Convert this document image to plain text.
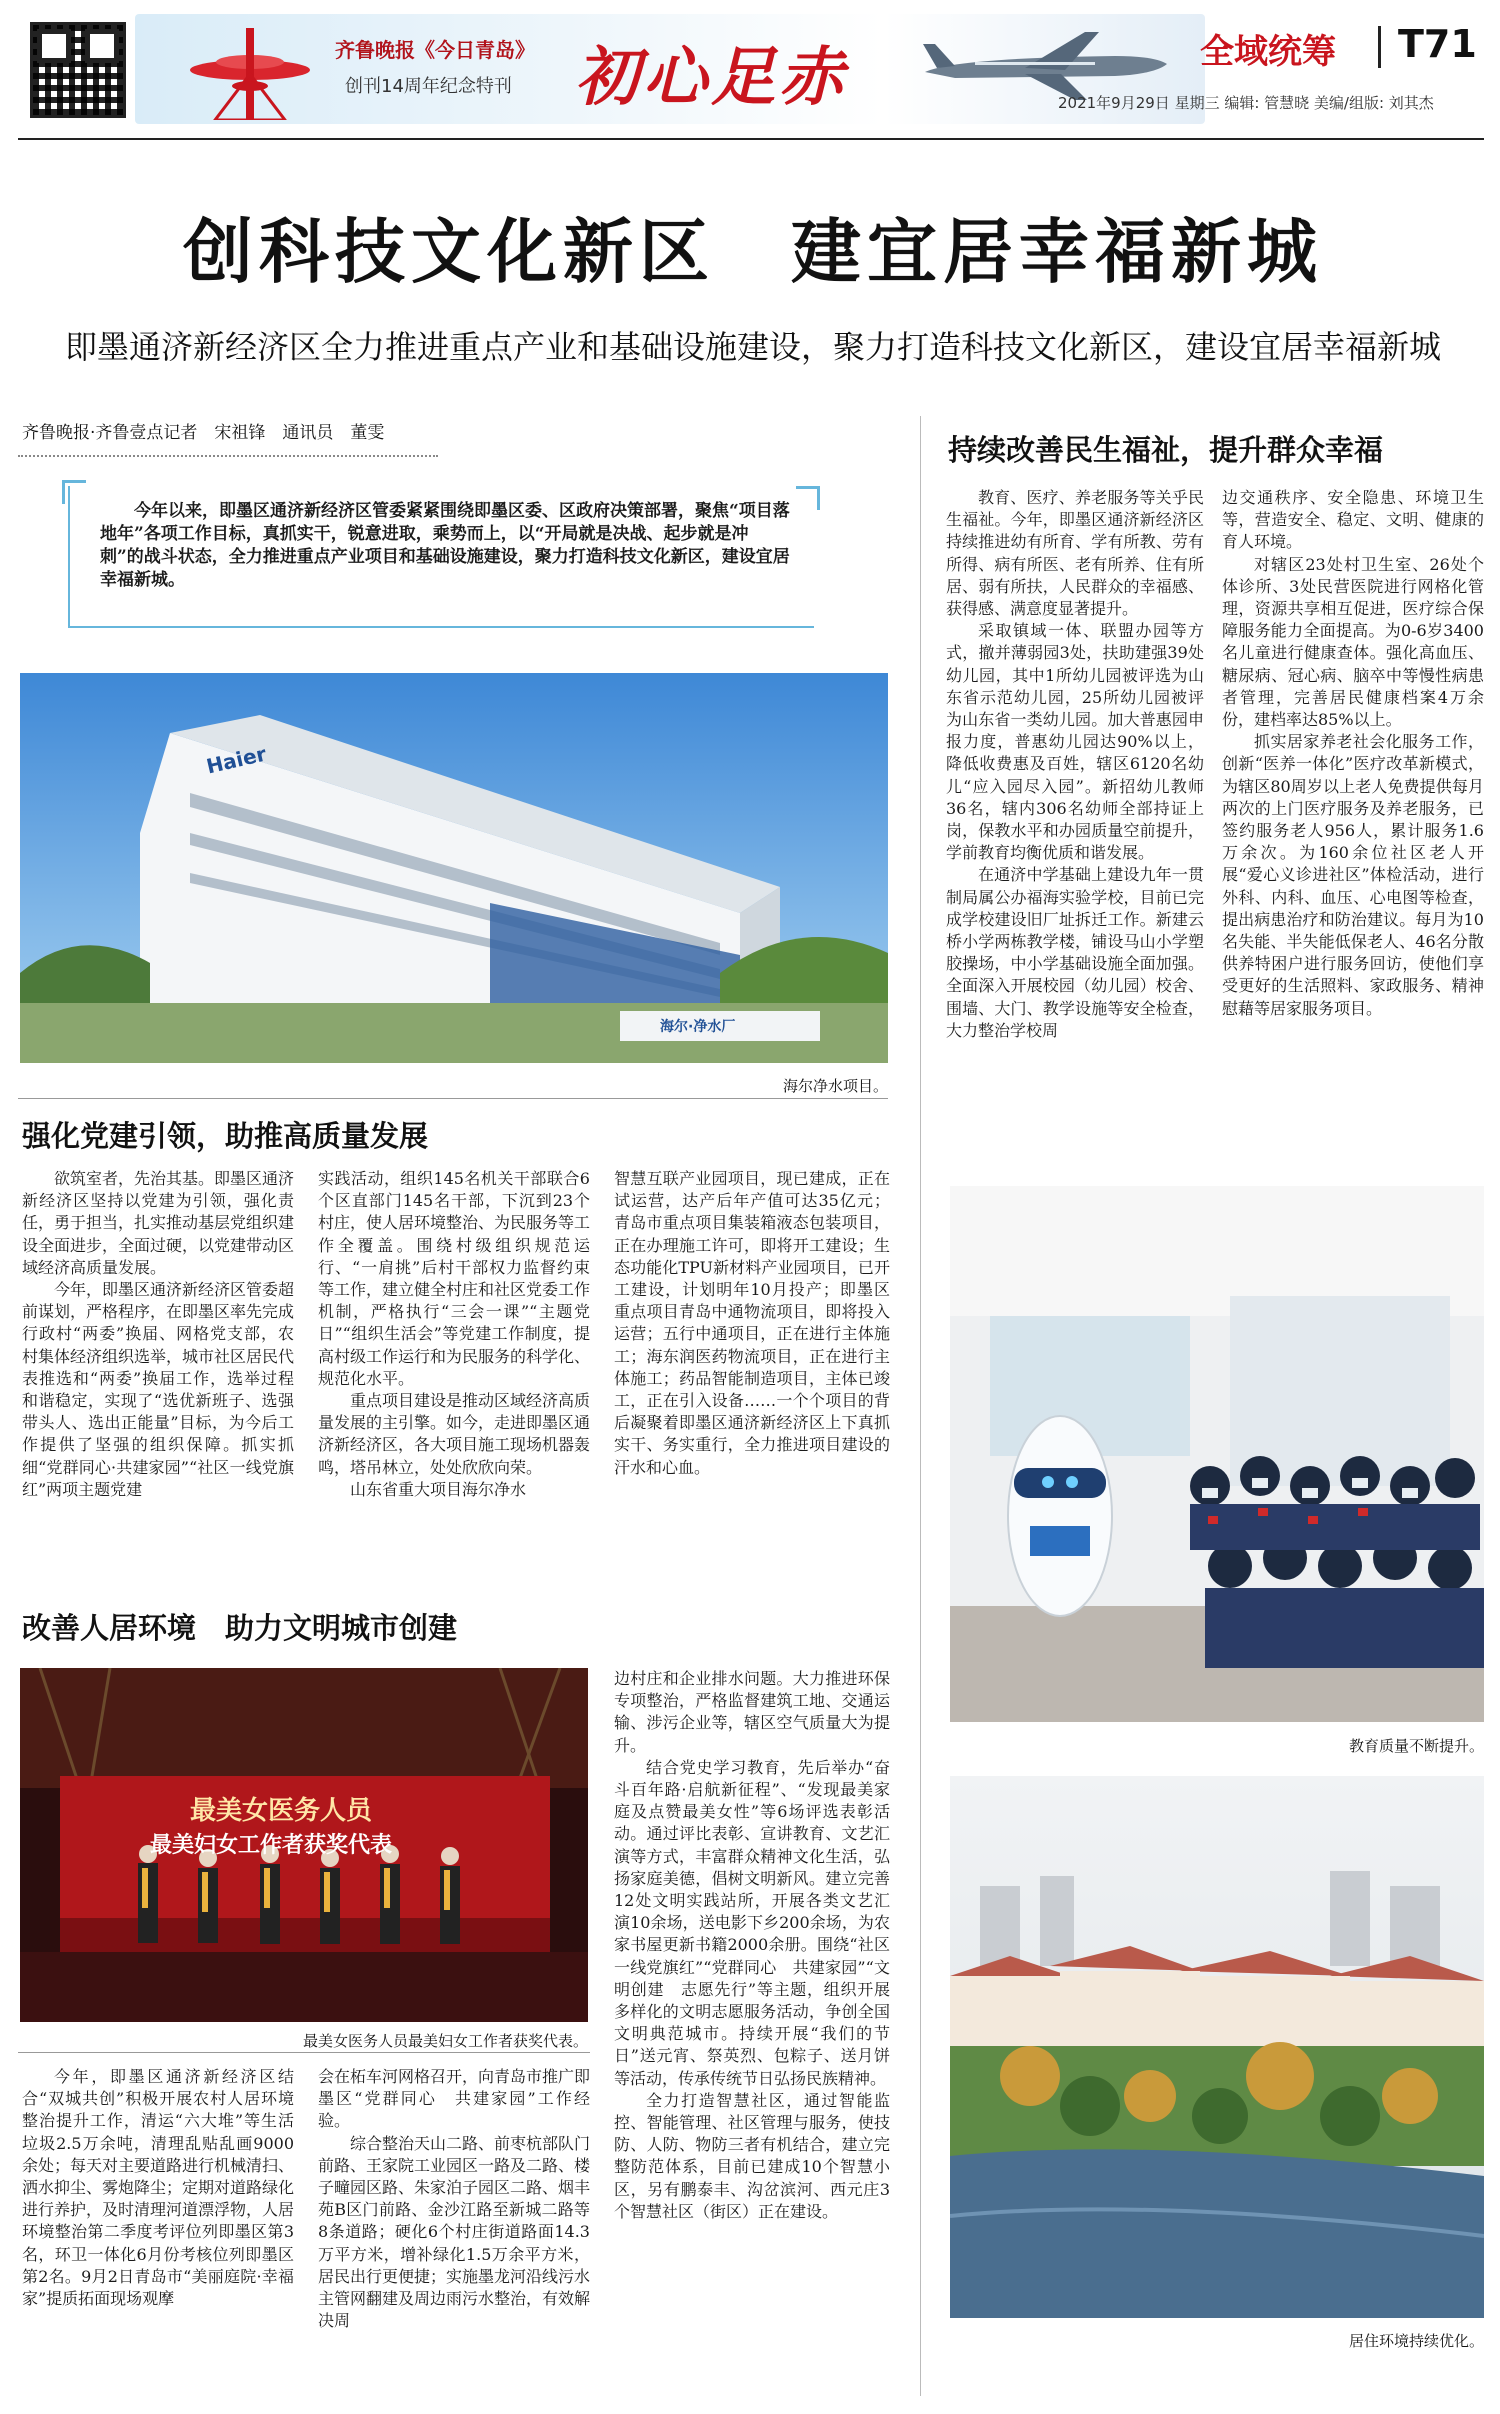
齐鲁晚报《今日青岛》
创刊14周年纪念特刊 初心足赤	全域统筹 T71
2021年9月29日 星期三 编辑: 管慧晓 美编/组版: 刘其杰
创科技文化新区　建宜居幸福新城
即墨通济新经济区全力推进重点产业和基础设施建设，聚力打造科技文化新区，建设宜居幸福新城
齐鲁晚报·齐鲁壹点记者　宋祖锋　通讯员　董雯

今年以来，即墨区通济新经济区管委紧紧围绕即墨区委、区政府决策部署，聚焦“项目落地年”各项工作目标，真抓实干，锐意进取，乘势而上，以“开局就是决战、起步就是冲刺”的战斗状态，全力推进重点产业项目和基础设施建设，聚力打造科技文化新区，建设宜居幸福新城。

Haier
海尔·净水厂
海尔净水项目。
强化党建引领，助推高质量发展

欲筑室者，先治其基。即墨区通济新经济区坚持以党建为引领，强化责任，勇于担当，扎实推动基层党组织建设全面进步，全面过硬，以党建带动区域经济高质量发展。

今年，即墨区通济新经济区管委超前谋划，严格程序，在即墨区率先完成行政村“两委”换届、网格党支部，农村集体经济组织选举，城市社区居民代表推选和“两委”换届工作，选举过程和谐稳定，实现了“选优新班子、选强带头人、选出正能量”目标，为今后工作提供了坚强的组织保障。抓实抓细“党群同心·共建家园”“社区一线党旗红”两项主题党建

实践活动，组织145名机关干部联合6个区直部门145名干部，下沉到23个村庄，使人居环境整治、为民服务等工作全覆盖。围绕村级组织规范运行、“一肩挑”后村干部权力监督约束等工作，建立健全村庄和社区党委工作机制，严格执行“三会一课”“主题党日”“组织生活会”等党建工作制度，提高村级工作运行和为民服务的科学化、规范化水平。

重点项目建设是推动区域经济高质量发展的主引擎。如今，走进即墨区通济新经济区，各大项目施工现场机器轰鸣，塔吊林立，处处欣欣向荣。

山东省重大项目海尔净水

智慧互联产业园项目，现已建成，正在试运营，达产后年产值可达35亿元；青岛市重点项目集装箱液态包装项目，正在办理施工许可，即将开工建设；生态功能化TPU新材料产业园项目，已开工建设，计划明年10月投产；即墨区重点项目青岛中通物流项目，即将投入运营；五行中通项目，正在进行主体施工；海东润医药物流项目，正在进行主体施工；药品智能制造项目，主体已竣工，正在引入设备……一个个项目的背后凝聚着即墨区通济新经济区上下真抓实干、务实重行，全力推进项目建设的汗水和心血。

改善人居环境　助力文明城市创建
最美女医务人员
最美妇女工作者获奖代表
最美女医务人员最美妇女工作者获奖代表。

今年，即墨区通济新经济区结合“双城共创”积极开展农村人居环境整治提升工作，清运“六大堆”等生活垃圾2.5万余吨，清理乱贴乱画9000余处；每天对主要道路进行机械清扫、洒水抑尘、雾炮降尘；定期对道路绿化进行养护，及时清理河道漂浮物，人居环境整治第二季度考评位列即墨区第3名，环卫一体化6月份考核位列即墨区第2名。9月2日青岛市“美丽庭院·幸福家”提质拓面现场观摩

会在柘车河网格召开，向青岛市推广即墨区“党群同心　共建家园”工作经验。

综合整治天山二路、前枣杭部队门前路、王家院工业园区一路及二路、楼子疃园区路、朱家泊子园区二路、烟丰苑B区门前路、金沙江路至新城二路等8条道路；硬化6个村庄街道路面14.3万平方米，增补绿化1.5万余平方米，居民出行更便捷；实施墨龙河沿线污水主管网翻建及周边雨污水整治，有效解决周

边村庄和企业排水问题。大力推进环保专项整治，严格监督建筑工地、交通运输、涉污企业等，辖区空气质量大为提升。

结合党史学习教育，先后举办“奋斗百年路·启航新征程”、“发现最美家庭及点赞最美女性”等6场评选表彰活动。通过评比表彰、宣讲教育、文艺汇演等方式，丰富群众精神文化生活，弘扬家庭美德，倡树文明新风。建立完善12处文明实践站所，开展各类文艺汇演10余场，送电影下乡200余场，为农家书屋更新书籍2000余册。围绕“社区一线党旗红”“党群同心　共建家园”“文明创建　志愿先行”等主题，组织开展多样化的文明志愿服务活动，争创全国文明典范城市。持续开展“我们的节日”送元宵、祭英烈、包粽子、送月饼等活动，传承传统节日弘扬民族精神。

全力打造智慧社区，通过智能监控、智能管理、社区管理与服务，使技防、人防、物防三者有机结合，建立完整防范体系，目前已建成10个智慧小区，另有鹏泰丰、沟岔滨河、西元庄3个智慧社区（街区）正在建设。

持续改善民生福祉，提升群众幸福

教育、医疗、养老服务等关乎民生福祉。今年，即墨区通济新经济区持续推进幼有所育、学有所教、劳有所得、病有所医、老有所养、住有所居、弱有所扶，人民群众的幸福感、获得感、满意度显著提升。

采取镇域一体、联盟办园等方式，撤并薄弱园3处，扶助建强39处幼儿园，其中1所幼儿园被评选为山东省示范幼儿园，25所幼儿园被评为山东省一类幼儿园。加大普惠园申报力度，普惠幼儿园达90%以上，降低收费惠及百姓，辖区6120名幼儿“应入园尽入园”。新招幼儿教师36名，辖内306名幼师全部持证上岗，保教水平和办园质量空前提升，学前教育均衡优质和谐发展。

在通济中学基础上建设九年一贯制局属公办福海实验学校，目前已完成学校建设旧厂址拆迁工作。新建云桥小学两栋教学楼，铺设马山小学塑胶操场，中小学基础设施全面加强。全面深入开展校园（幼儿园）校舍、围墙、大门、教学设施等安全检查，大力整治学校周

边交通秩序、安全隐患、环境卫生等，营造安全、稳定、文明、健康的育人环境。

对辖区23处村卫生室、26处个体诊所、3处民营医院进行网格化管理，资源共享相互促进，医疗综合保障服务能力全面提高。为0-6岁3400名儿童进行健康查体。强化高血压、糖尿病、冠心病、脑卒中等慢性病患者管理，完善居民健康档案4万余份，建档率达85%以上。

抓实居家养老社会化服务工作，创新“医养一体化”医疗改革新模式，为辖区80周岁以上老人免费提供每月两次的上门医疗服务及养老服务，已签约服务老人956人，累计服务1.6万余次。为160余位社区老人开展“爱心义诊进社区”体检活动，进行外科、内科、血压、心电图等检查，提出病患治疗和防治建议。每月为10名失能、半失能低保老人、46名分散供养特困户进行服务回访，使他们享受更好的生活照料、家政服务、精神慰藉等居家服务项目。

教育质量不断提升。
居住环境持续优化。
